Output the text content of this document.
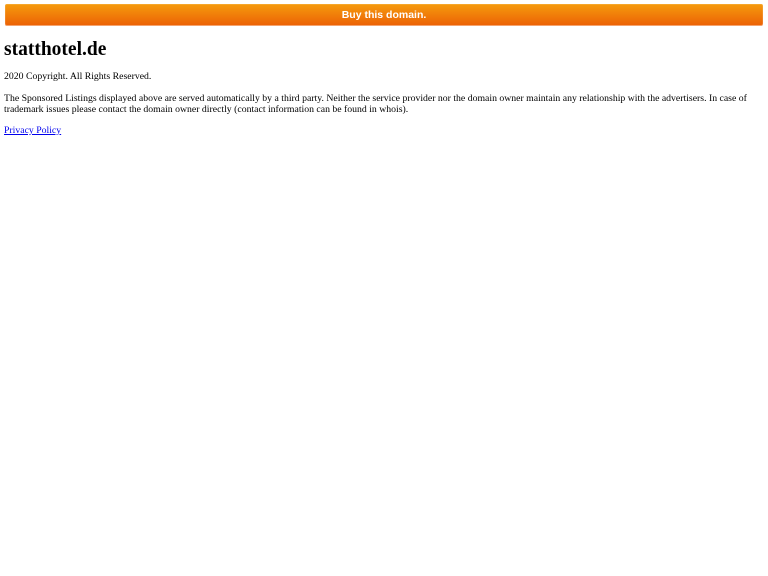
Buy this domain.
statthotel.de

2020 Copyright. All Rights Reserved.

The Sponsored Listings displayed above are served automatically by a third party. Neither the service provider nor the domain owner maintain any relationship with the advertisers. In case of trademark issues please contact the domain owner directly (contact information can be found in whois).

Privacy Policy
